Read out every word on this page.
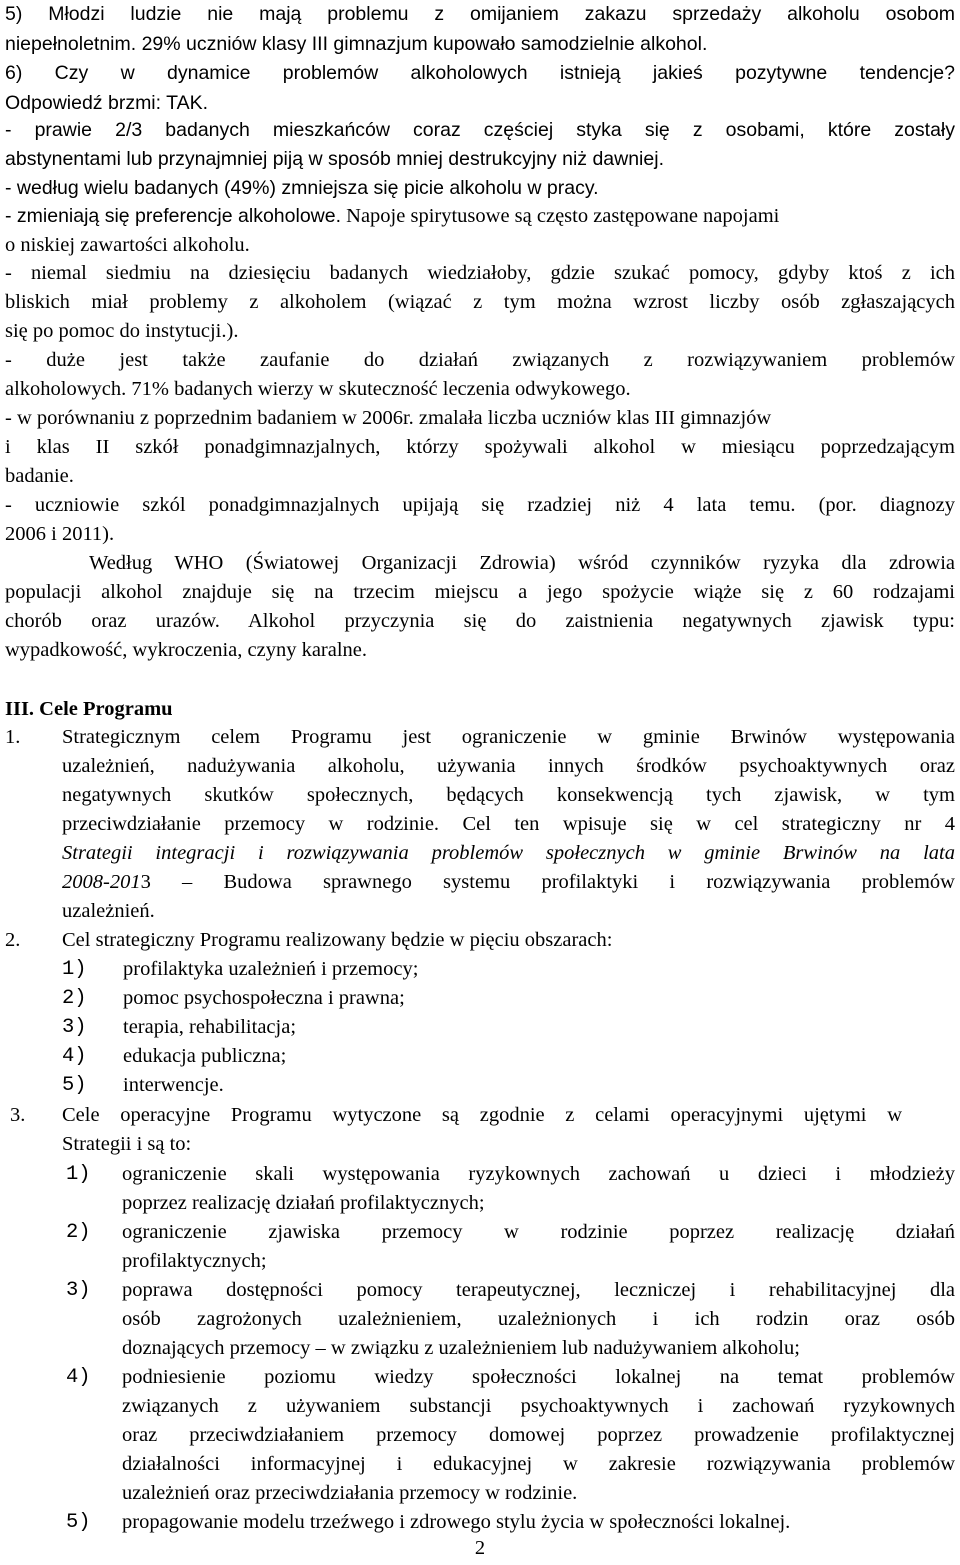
5) Młodzi ludzie nie mają problemu z omijaniem zakazu sprzedaży alkoholu osobom
niepełnoletnim. 29% uczniów klasy III gimnazjum kupowało samodzielnie alkohol.
6) Czy w dynamice problemów alkoholowych istnieją jakieś pozytywne tendencje?
Odpowiedź brzmi: TAK.
- prawie 2/3 badanych mieszkańców coraz częściej styka się z osobami, które zostały
abstynentami lub przynajmniej piją w sposób mniej destrukcyjny niż dawniej.
- według wielu badanych (49%) zmniejsza się picie alkoholu w pracy.
- zmieniają się preferencje alkoholowe. Napoje spirytusowe są często zastępowane napojami
o niskiej zawartości alkoholu.
- niemal siedmiu na dziesięciu badanych wiedziałoby, gdzie szukać pomocy, gdyby ktoś z ich
bliskich miał problemy z alkoholem (wiązać z tym można wzrost liczby osób zgłaszających
się po pomoc do instytucji.).
- duże jest także zaufanie do działań związanych z rozwiązywaniem problemów
alkoholowych. 71% badanych wierzy w skuteczność leczenia odwykowego.
- w porównaniu z poprzednim badaniem w 2006r. zmalała liczba uczniów klas III gimnazjów
i klas II szkół ponadgimnazjalnych, którzy spożywali alkohol w miesiącu poprzedzającym
badanie.
- uczniowie szkól ponadgimnazjalnych upijają się rzadziej niż 4 lata temu. (por. diagnozy
2006 i 2011).
Według WHO (Światowej Organizacji Zdrowia) wśród czynników ryzyka dla zdrowia
populacji alkohol znajduje się na trzecim miejscu a jego spożycie wiąże się z 60 rodzajami
chorób oraz urazów. Alkohol przyczynia się do zaistnienia negatywnych zjawisk typu:
wypadkowość, wykroczenia, czyny karalne.
III. Cele Programu
1. Strategicznym celem Programu jest ograniczenie w gminie Brwinów występowania
uzależnień, nadużywania alkoholu, używania innych środków psychoaktywnych oraz
negatywnych skutków społecznych, będących konsekwencją tych zjawisk, w tym
przeciwdziałanie przemocy w rodzinie. Cel ten wpisuje się w cel strategiczny nr 4
Strategii integracji i rozwiązywania problemów społecznych w gminie Brwinów na lata
2008-201 3 – Budowa sprawnego systemu profilaktyki i rozwiązywania problemów
uzależnień.
2. Cel strategiczny Programu realizowany będzie w pięciu obszarach:
1) profilaktyka uzależnień i przemocy;
2) pomoc psychospołeczna i prawna;
3) terapia, rehabilitacja;
4) edukacja publiczna;
5) interwencje.
3. Cele operacyjne Programu wytyczone są zgodnie z celami operacyjnymi ujętymi w
Strategii i są to:
1) ograniczenie skali występowania ryzykownych zachowań u dzieci i młodzieży
poprzez realizację działań profilaktycznych;
2) ograniczenie zjawiska przemocy w rodzinie poprzez realizację działań
profilaktycznych;
3) poprawa dostępności pomocy terapeutycznej, leczniczej i rehabilitacyjnej dla
osób zagrożonych uzależnieniem, uzależnionych i ich rodzin oraz osób
doznających przemocy – w związku z uzależnieniem lub nadużywaniem alkoholu;
4) podniesienie poziomu wiedzy społeczności lokalnej na temat problemów
związanych z używaniem substancji psychoaktywnych i zachowań ryzykownych
oraz przeciwdziałaniem przemocy domowej poprzez prowadzenie profilaktycznej
działalności informacyjnej i edukacyjnej w zakresie rozwiązywania problemów
uzależnień oraz przeciwdziałania przemocy w rodzinie.
5) propagowanie modelu trzeźwego i zdrowego stylu życia w społeczności lokalnej.
2
